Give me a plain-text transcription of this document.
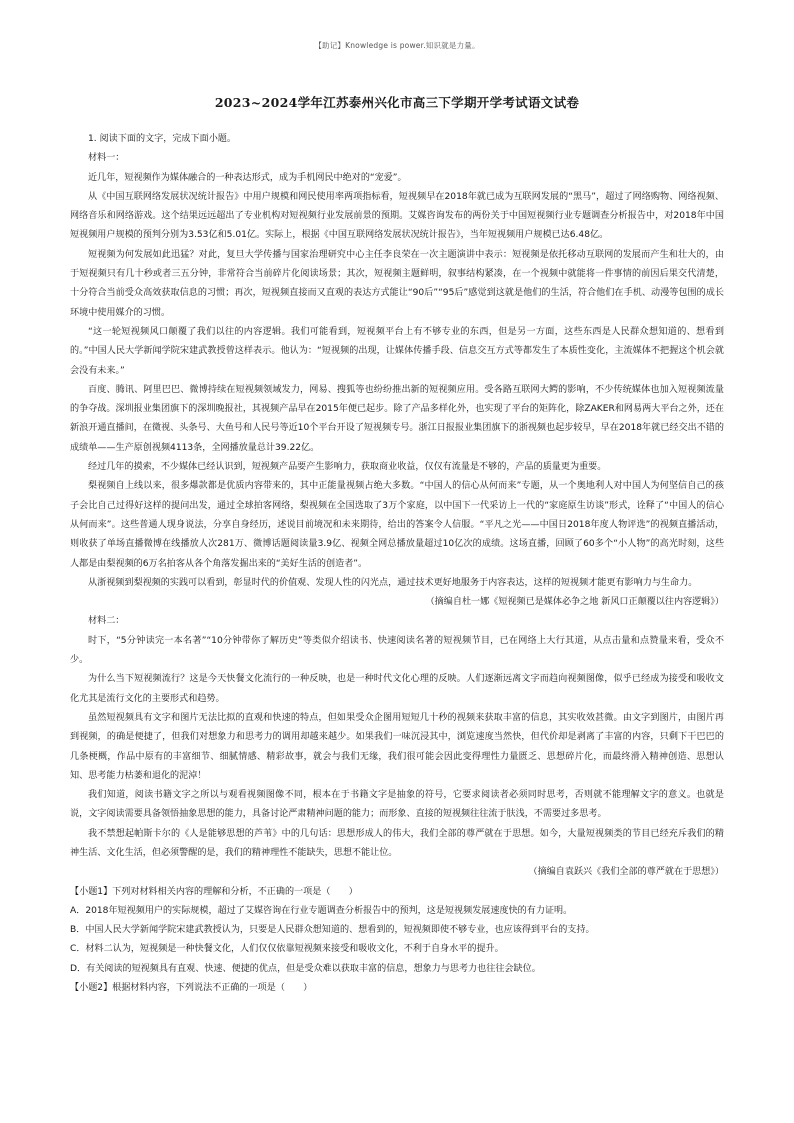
【助记】Knowledge is power.知识就是力量。
2023~2024学年江苏泰州兴化市高三下学期开学考试语文试卷

1. 阅读下面的文字，完成下面小题。

材料一：

近几年，短视频作为媒体融合的一种表达形式，成为手机网民中绝对的“宠爱”。

从《中国互联网络发展状况统计报告》中用户规模和网民使用率两项指标看，短视频早在2018年就已成为互联网发展的“黑马”，超过了网络购物、网络视频、网络音乐和网络游戏。这个结果远远超出了专业机构对短视频行业发展前景的预期。艾媒咨询发布的两份关于中国短视频行业专题调查分析报告中，对2018年中国短视频用户规模的预判分别为3.53亿和5.01亿。实际上，根据《中国互联网络发展状况统计报告》，当年短视频用户规模已达6.48亿。

短视频为何发展如此迅猛？对此，复旦大学传播与国家治理研究中心主任李良荣在一次主题演讲中表示：短视频是依托移动互联网的发展而产生和壮大的，由于短视频只有几十秒或者三五分钟，非常符合当前碎片化阅读场景；其次，短视频主题鲜明，叙事结构紧凑，在一个视频中就能将一件事情的前因后果交代清楚，十分符合当前受众高效获取信息的习惯；再次，短视频直接而又直观的表达方式能让“90后”“95后”感觉到这就是他们的生活，符合他们在手机、动漫等包围的成长环境中使用媒介的习惯。

“这一轮短视频风口颠覆了我们以往的内容逻辑。我们可能看到，短视频平台上有不够专业的东西，但是另一方面，这些东西是人民群众想知道的、想看到的。”中国人民大学新闻学院宋建武教授曾这样表示。他认为：“短视频的出现，让媒体传播手段、信息交互方式等都发生了本质性变化，主流媒体不把握这个机会就会没有未来。”

百度、腾讯、阿里巴巴、微博持续在短视频领域发力，网易、搜狐等也纷纷推出新的短视频应用。受各路互联网大鳄的影响，不少传统媒体也加入短视频流量的争夺战。深圳报业集团旗下的深圳晚报社，其视频产品早在2015年便已起步。除了产品多样化外，也实现了平台的矩阵化，除ZAKER和网易两大平台之外，还在新浪开通直播间，在微视、头条号、大鱼号和人民号等近10个平台开设了短视频专号。浙江日报报业集团旗下的浙视频也起步较早，早在2018年就已经交出不错的成绩单——生产原创视频4113条，全网播放量总计39.22亿。

经过几年的摸索，不少媒体已经认识到，短视频产品要产生影响力，获取商业收益，仅仅有流量是不够的，产品的质量更为重要。

梨视频自上线以来，很多爆款都是优质内容带来的，其中正能量视频占绝大多数。“中国人的信心从何而来”专题，从一个奥地利人对中国人为何坚信自己的孩子会比自己过得好这样的提问出发，通过全球拍客网络，梨视频在全国选取了3万个家庭，以中国下一代采访上一代的“家庭原生访谈”形式，诠释了“中国人的信心从何而来”。这些普通人现身说法，分享自身经历，述说目前境况和未来期待，给出的答案令人信服。“平凡之光——中国日2018年度人物评选”的视频直播活动，则收获了单场直播微博在线播放人次281万、微博话题阅读量3.9亿、视频全网总播放量超过10亿次的成绩。这场直播，回顾了60多个“小人物”的高光时刻，这些人都是由梨视频的6万名拍客从各个角落发掘出来的“美好生活的创造者”。

从浙视频到梨视频的实践可以看到，彰显时代的价值观、发现人性的闪光点，通过技术更好地服务于内容表达，这样的短视频才能更有影响力与生命力。

（摘编自杜一娜《短视频已是媒体必争之地 新风口正颠覆以往内容逻辑》）

材料二：

时下，“5分钟读完一本名著”“10分钟带你了解历史”等类似介绍读书、快速阅读名著的短视频节目，已在网络上大行其道，从点击量和点赞量来看，受众不少。

为什么当下短视频流行？这是今天快餐文化流行的一种反映，也是一种时代文化心理的反映。人们逐渐远离文字而趋向视频图像，似乎已经成为接受和吸收文化尤其是流行文化的主要形式和趋势。

虽然短视频具有文字和图片无法比拟的直观和快速的特点，但如果受众企图用短短几十秒的视频来获取丰富的信息，其实收效甚微。由文字到图片，由图片再到视频，的确是便捷了，但我们对想象力和思考力的调用却越来越少。如果我们一味沉浸其中，浏览速度当然快，但代价却是剥离了丰富的内容，只剩下干巴巴的几条梗概，作品中原有的丰富细节、细腻情感、精彩故事，就会与我们无缘，我们很可能会因此变得理性力量匮乏、思想碎片化，而最终滑入精神创造、思想认知、思考能力枯萎和退化的泥淖！

我们知道，阅读书籍文字之所以与观看视频图像不同，根本在于书籍文字是抽象的符号，它要求阅读者必须同时思考，否则就不能理解文字的意义。也就是说，文字阅读需要具备领悟抽象思想的能力，具备讨论严肃精神问题的能力；而形象、直接的短视频往往流于肤浅，不需要过多思考。

我不禁想起帕斯卡尔的《人是能够思想的芦苇》中的几句话：思想形成人的伟大，我们全部的尊严就在于思想。如今，大量短视频类的节目已经充斥我们的精神生活、文化生活，但必须警醒的是，我们的精神理性不能缺失，思想不能让位。

（摘编自袁跃兴《我们全部的尊严就在于思想》）

【小题1】下列对材料相关内容的理解和分析，不正确的一项是（　　）

A．2018年短视频用户的实际规模，超过了艾媒咨询在行业专题调查分析报告中的预判，这是短视频发展速度快的有力证明。

B．中国人民大学新闻学院宋建武教授认为，只要是人民群众想知道的、想看到的，短视频即使不够专业，也应该得到平台的支持。

C．材料二认为，短视频是一种快餐文化，人们仅仅依靠短视频来接受和吸收文化，不利于自身水平的提升。

D．有关阅读的短视频具有直观、快速、便捷的优点，但是受众难以获取丰富的信息，想象力与思考力也往往会缺位。

【小题2】根据材料内容，下列说法不正确的一项是（　　）
